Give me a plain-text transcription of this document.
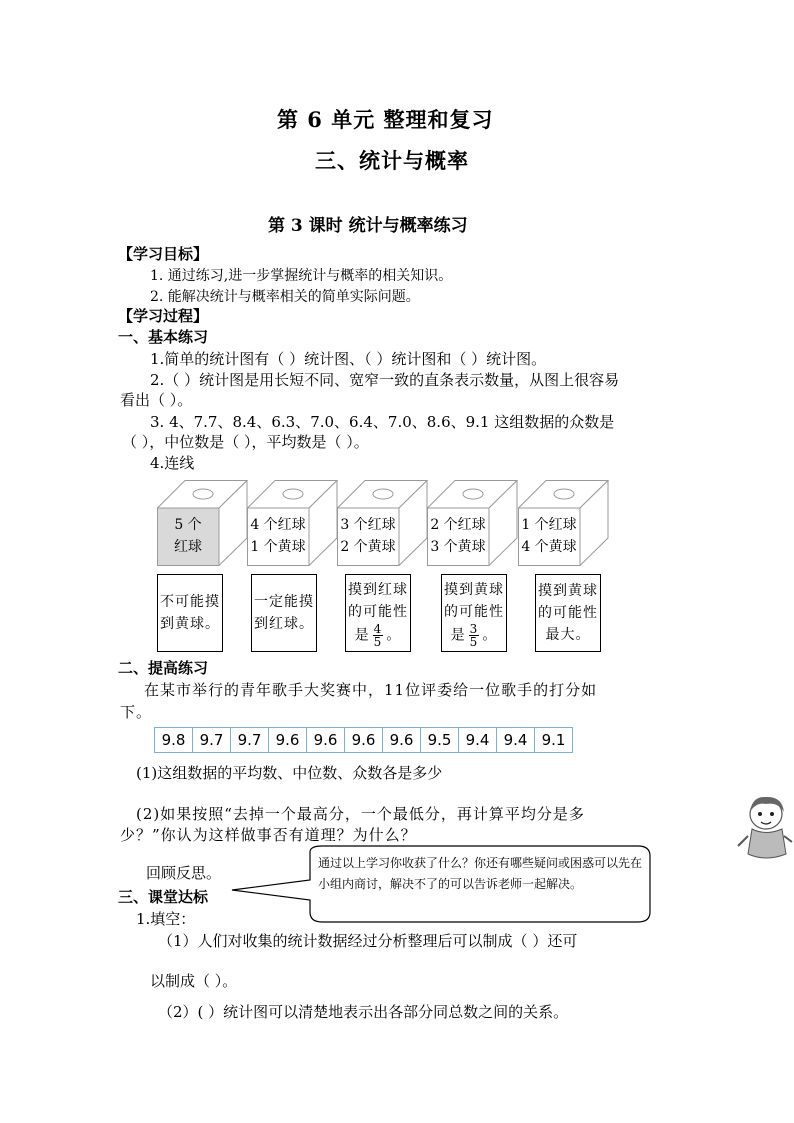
第 6 单元 整理和复习
三、统计与概率
第 3 课时 统计与概率练习
【学习目标】
1. 通过练习,进一步掌握统计与概率的相关知识。
2. 能解决统计与概率相关的简单实际问题。
【学习过程】
一、基本练习
1.简单的统计图有（ ）统计图、（ ）统计图和（ ）统计图。
2.（ ）统计图是用长短不同、宽窄一致的直条表示数量，从图上很容易
看出（ ）。
3. 4、7.7、8.4、6.3、7.0、6.4、7.0、8.6、9.1 这组数据的众数是
（ ），中位数是（ ），平均数是（ ）。
4.连线
5 个
红球
4 个红球
1 个黄球
3 个红球
2 个黄球
2 个红球
3 个黄球
1 个红球
4 个黄球
不可能摸
到黄球。
一定能摸
到红球。
摸到红球
的可能性
是 $\frac{4}{5}$ 。
摸到黄球
的可能性
是 $\frac{3}{5}$ 。
摸到黄球
的可能性
最大。
二、提高练习
在某市举行的青年歌手大奖赛中，11位评委给一位歌手的打分如
下。
9.8	9.7	9.7	9.6	9.6	9.6	9.6	9.5	9.4	9.4	9.1
(1)这组数据的平均数、中位数、众数各是多少
(2)如果按照“去掉一个最高分，一个最低分，再计算平均分是多
少？”你认为这样做事否有道理？为什么？
回顾反思。
通过以上学习你收获了什么？你还有哪些疑问或困惑可以先在小组内商讨，解决不了的可以告诉老师一起解决。
三、课堂达标
1.填空：
（1）人们对收集的统计数据经过分析整理后可以制成（ ）还可
以制成（ ）。
（2）( ）统计图可以清楚地表示出各部分同总数之间的关系。
